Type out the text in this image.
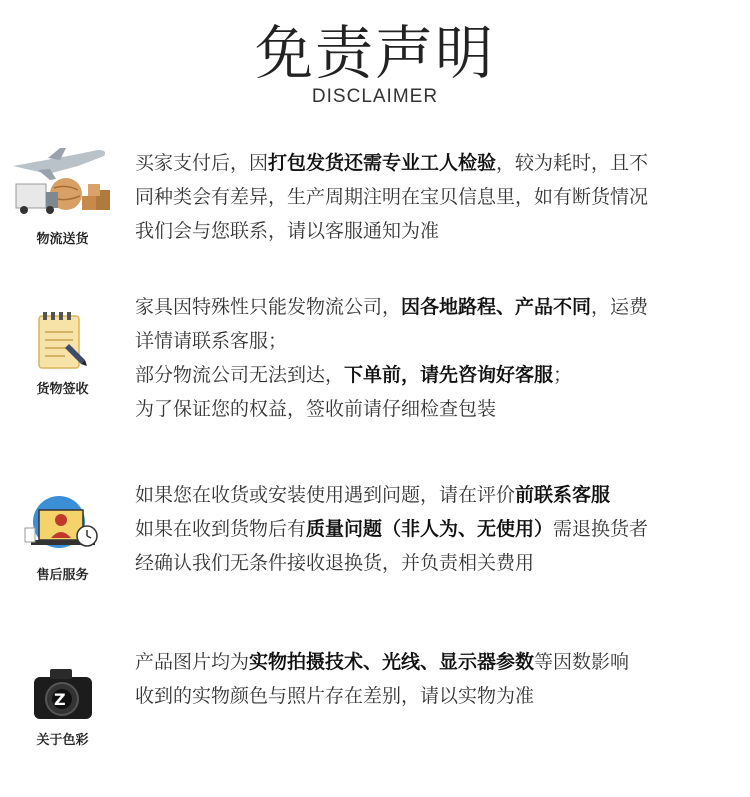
免责声明
DISCLAIMER
物流送货

买家支付后，因打包发货还需专业工人检验，较为耗时，且不

同种类会有差异，生产周期注明在宝贝信息里，如有断货情况

我们会与您联系，请以客服通知为准

货物签收

家具因特殊性只能发物流公司，因各地路程、产品不同，运费

详情请联系客服；

部分物流公司无法到达，下单前，请先咨询好客服；

为了保证您的权益，签收前请仔细检查包装

售后服务

如果您在收货或安装使用遇到问题，请在评价前联系客服

如果在收到货物后有质量问题（非人为、无使用）需退换货者

经确认我们无条件接收退换货，并负责相关费用

Z
关于色彩

产品图片均为实物拍摄技术、光线、显示器参数等因数影响

收到的实物颜色与照片存在差别，请以实物为准
